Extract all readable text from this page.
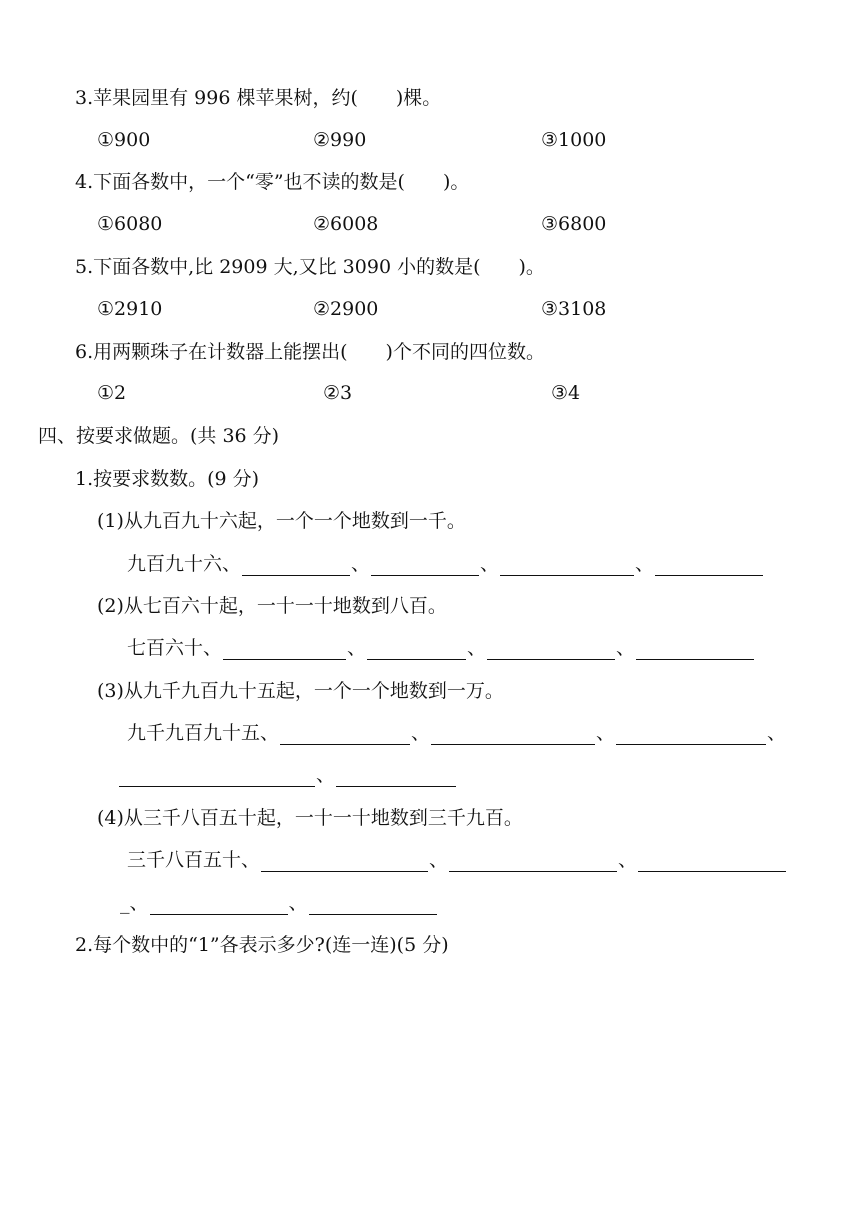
3.苹果园里有 996 棵苹果树，约(　　)棵。
①900	②990	③1000
4.下面各数中，一个“零”也不读的数是(　　)。
①6080	②6008	③6800
5.下面各数中,比 2909 大,又比 3090 小的数是(　　)。
①2910	②2900	③3108
6.用两颗珠子在计数器上能摆出(　　)个不同的四位数。
①2	②3	③4
四、按要求做题。(共 36 分)
1.按要求数数。(9 分)
(1)从九百九十六起，一个一个地数到一千。
九百九十六、	、	、	、
(2)从七百六十起，一十一十地数到八百。
七百六十、	、	、	、
(3)从九千九百九十五起，一个一个地数到一万。
九千九百九十五、	、	、	、
、
(4)从三千八百五十起，一十一十地数到三千九百。
三千八百五十、	、	、
_ 、	、
2.每个数中的“1”各表示多少?(连一连)(5 分)
